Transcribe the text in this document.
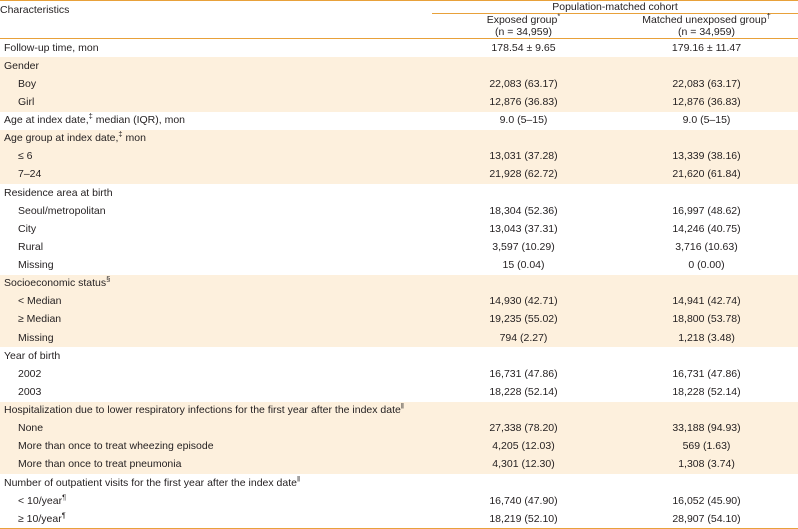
Characteristics	Population-matched cohort	
	Exposed group*	Matched unexposed group†
	(n = 34,959)	(n = 34,959)
Follow-up time, mon	178.54 ± 9.65	179.16 ± 11.47
Gender		
Boy	22,083 (63.17)	22,083 (63.17)
Girl	12,876 (36.83)	12,876 (36.83)
Age at index date,‡ median (IQR), mon	9.0 (5–15)	9.0 (5–15)
Age group at index date,‡ mon		
≤ 6	13,031 (37.28)	13,339 (38.16)
7–24	21,928 (62.72)	21,620 (61.84)
Residence area at birth		
Seoul/metropolitan	18,304 (52.36)	16,997 (48.62)
City	13,043 (37.31)	14,246 (40.75)
Rural	3,597 (10.29)	3,716 (10.63)
Missing	15 (0.04)	0 (0.00)
Socioeconomic status§		
< Median	14,930 (42.71)	14,941 (42.74)
≥ Median	19,235 (55.02)	18,800 (53.78)
Missing	794 (2.27)	1,218 (3.48)
Year of birth		
2002	16,731 (47.86)	16,731 (47.86)
2003	18,228 (52.14)	18,228 (52.14)
Hospitalization due to lower respiratory infections for the first year after the index date‖		
None	27,338 (78.20)	33,188 (94.93)
More than once to treat wheezing episode	4,205 (12.03)	569 (1.63)
More than once to treat pneumonia	4,301 (12.30)	1,308 (3.74)
Number of outpatient visits for the first year after the index date‖		
< 10/year¶	16,740 (47.90)	16,052 (45.90)
≥ 10/year¶	18,219 (52.10)	28,907 (54.10)
